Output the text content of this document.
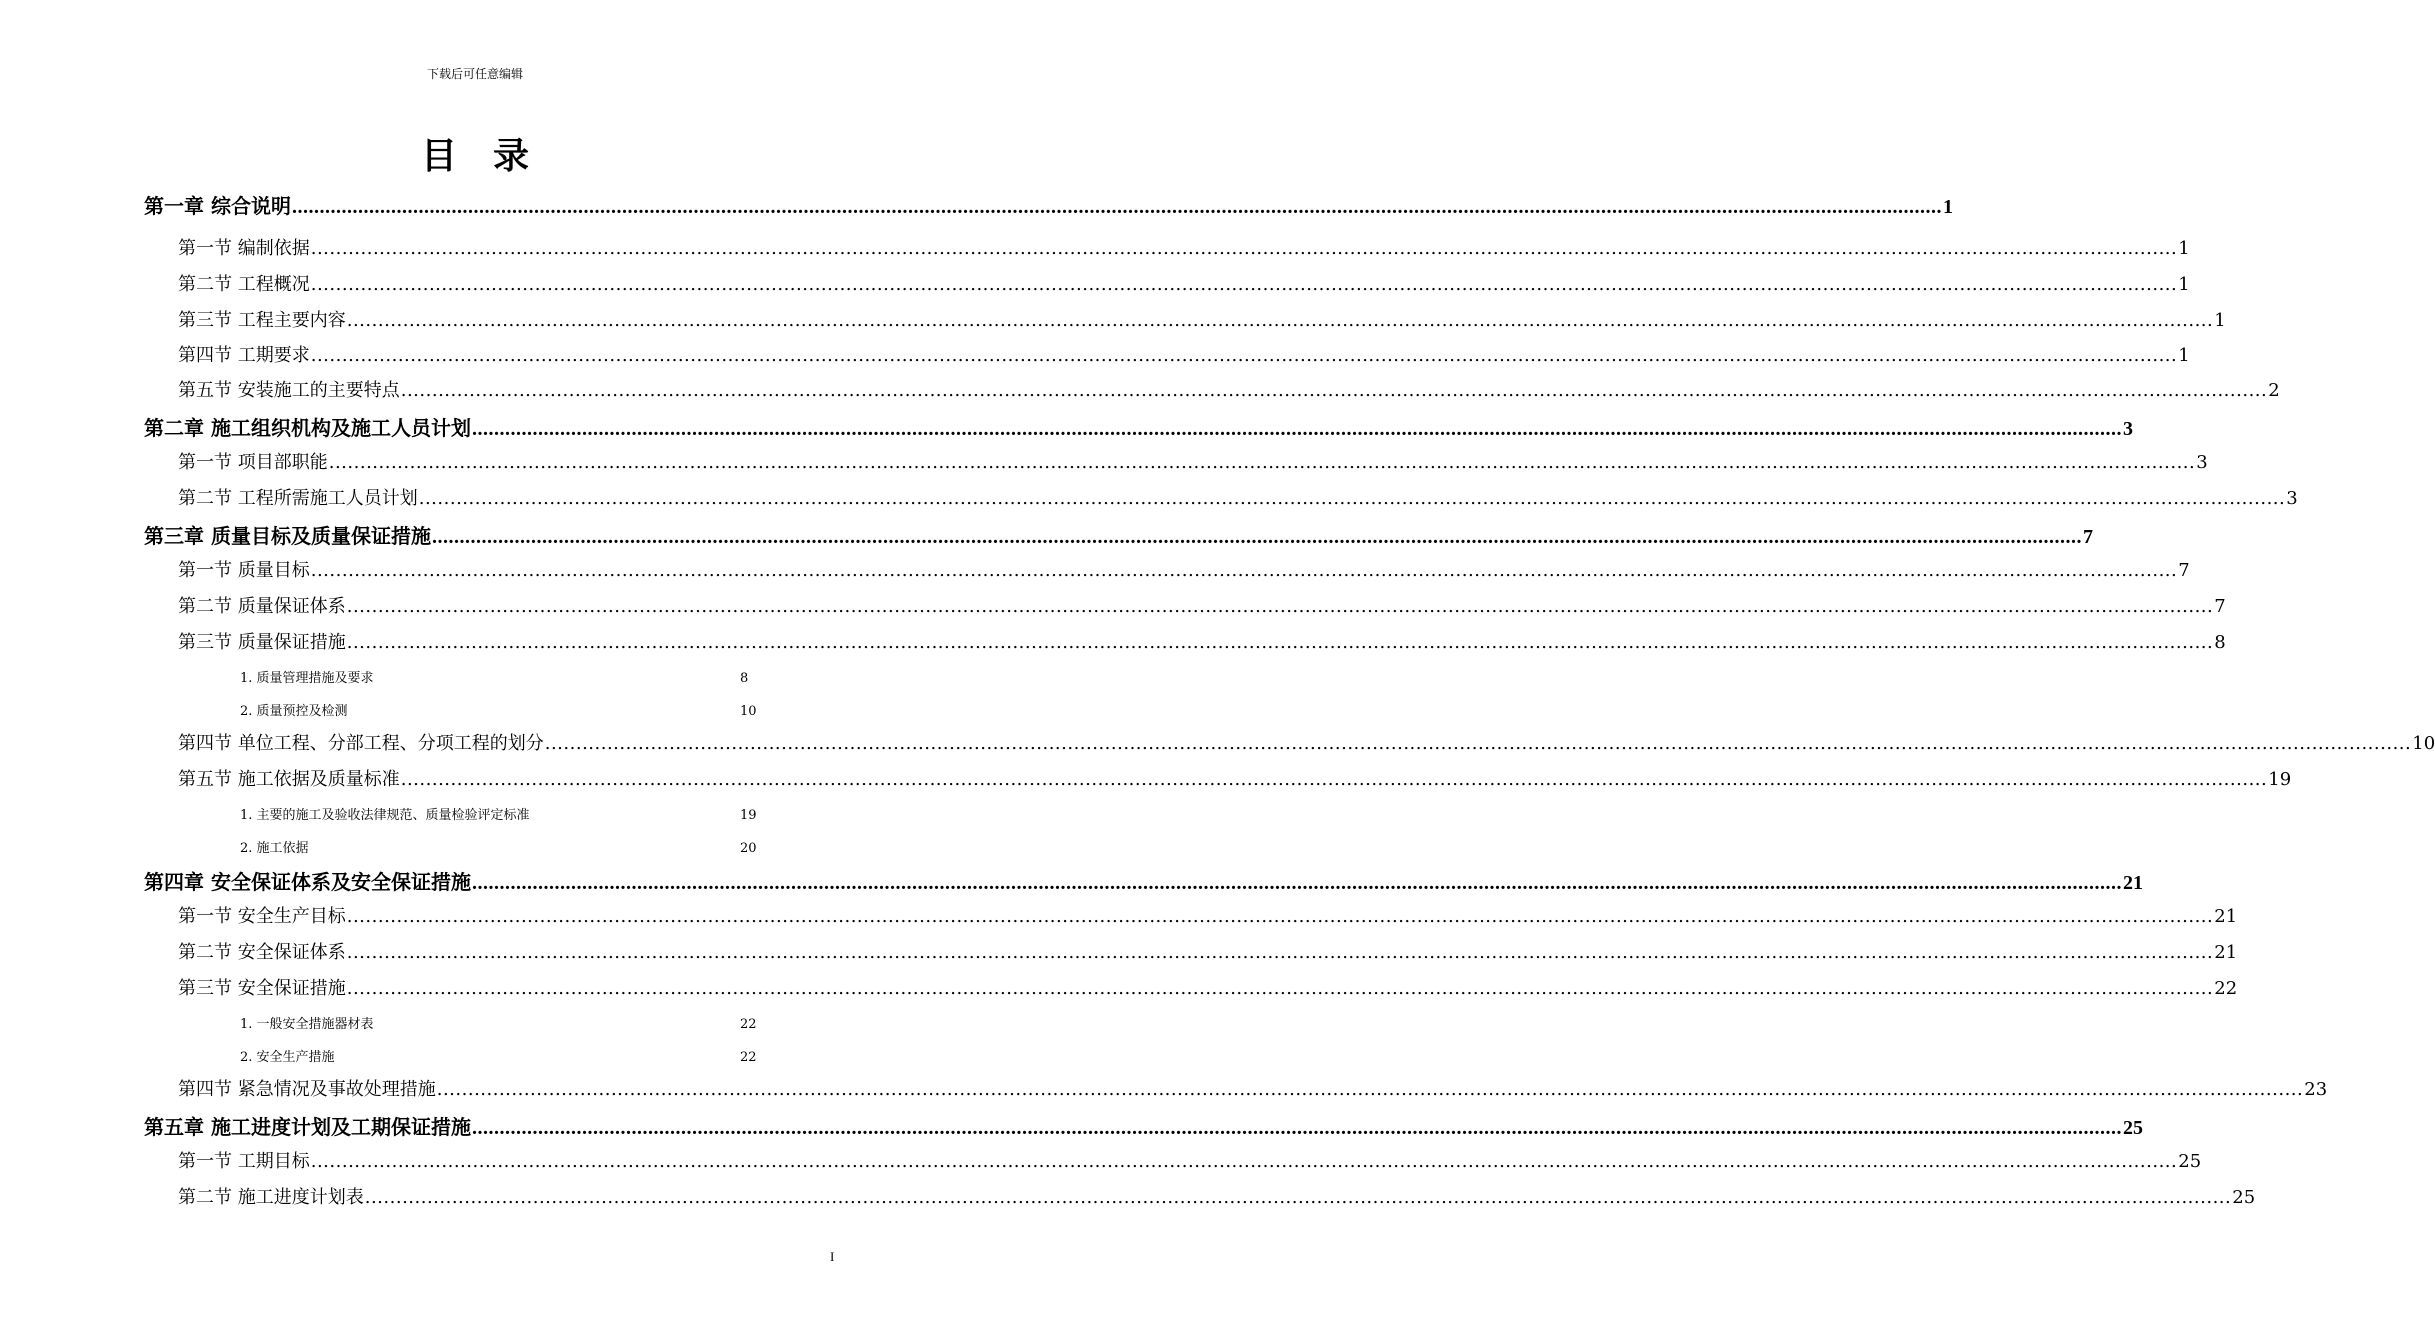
下载后可任意编辑
目录
第一章 综合说明 ............................................................................................................................................................................................................................................................................................................ 1
第一节 编制依据 ............................................................................................................................................................................................................................................................................................................ 1
第二节 工程概况 ............................................................................................................................................................................................................................................................................................................ 1
第三节 工程主要内容 ............................................................................................................................................................................................................................................................................................................ 1
第四节 工期要求 ............................................................................................................................................................................................................................................................................................................ 1
第五节 安装施工的主要特点 ............................................................................................................................................................................................................................................................................................................ 2
第二章 施工组织机构及施工人员计划 ............................................................................................................................................................................................................................................................................................................ 3
第一节 项目部职能 ............................................................................................................................................................................................................................................................................................................ 3
第二节 工程所需施工人员计划 ............................................................................................................................................................................................................................................................................................................ 3
第三章 质量目标及质量保证措施 ............................................................................................................................................................................................................................................................................................................ 7
第一节 质量目标 ............................................................................................................................................................................................................................................................................................................ 7
第二节 质量保证体系 ............................................................................................................................................................................................................................................................................................................ 7
第三节 质量保证措施 ............................................................................................................................................................................................................................................................................................................ 8
1. 质量管理措施及要求	8
2. 质量预控及检测	10
第四节 单位工程、分部工程、分项工程的划分 ............................................................................................................................................................................................................................................................................................................ 10
第五节 施工依据及质量标准 ............................................................................................................................................................................................................................................................................................................ 19
1. 主要的施工及验收法律规范、质量检验评定标准	19
2. 施工依据	20
第四章 安全保证体系及安全保证措施 ............................................................................................................................................................................................................................................................................................................ 21
第一节 安全生产目标 ............................................................................................................................................................................................................................................................................................................ 21
第二节 安全保证体系 ............................................................................................................................................................................................................................................................................................................ 21
第三节 安全保证措施 ............................................................................................................................................................................................................................................................................................................ 22
1. 一般安全措施器材表	22
2. 安全生产措施	22
第四节 紧急情况及事故处理措施 ............................................................................................................................................................................................................................................................................................................ 23
第五章 施工进度计划及工期保证措施 ............................................................................................................................................................................................................................................................................................................ 25
第一节 工期目标 ............................................................................................................................................................................................................................................................................................................ 25
第二节 施工进度计划表 ............................................................................................................................................................................................................................................................................................................ 25
I
